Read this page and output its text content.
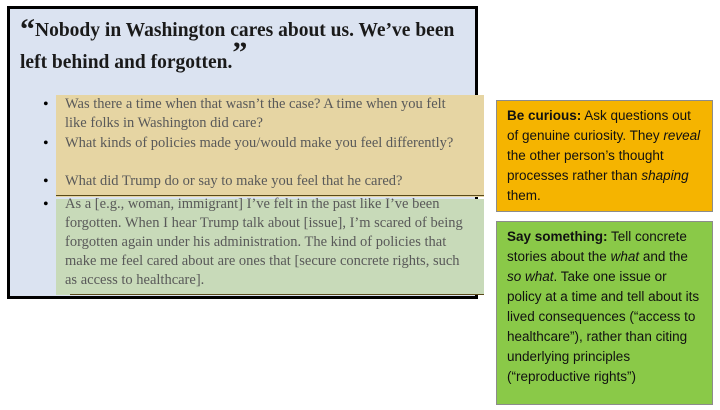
“Nobody in Washington cares about us. We’ve been left behind and forgotten.”

• Was there a time when that wasn’t the case? A time when you felt like folks in Washington did care?
• What kinds of policies made you/would make you feel differently?
• What did Trump do or say to make you feel that he cared?
• As a [e.g., woman, immigrant] I’ve felt in the past like I’ve been forgotten. When I hear Trump talk about [issue], I’m scared of being forgotten again under his administration. The kind of policies that make me feel cared about are ones that [secure concrete rights, such as access to healthcare].
Be curious: Ask questions out of genuine curiosity. They reveal the other person’s thought processes rather than shaping them.
Say something: Tell concrete stories about the what and the so what. Take one issue or policy at a time and tell about its lived consequences (“access to healthcare”), rather than citing underlying principles (“reproductive rights”)
